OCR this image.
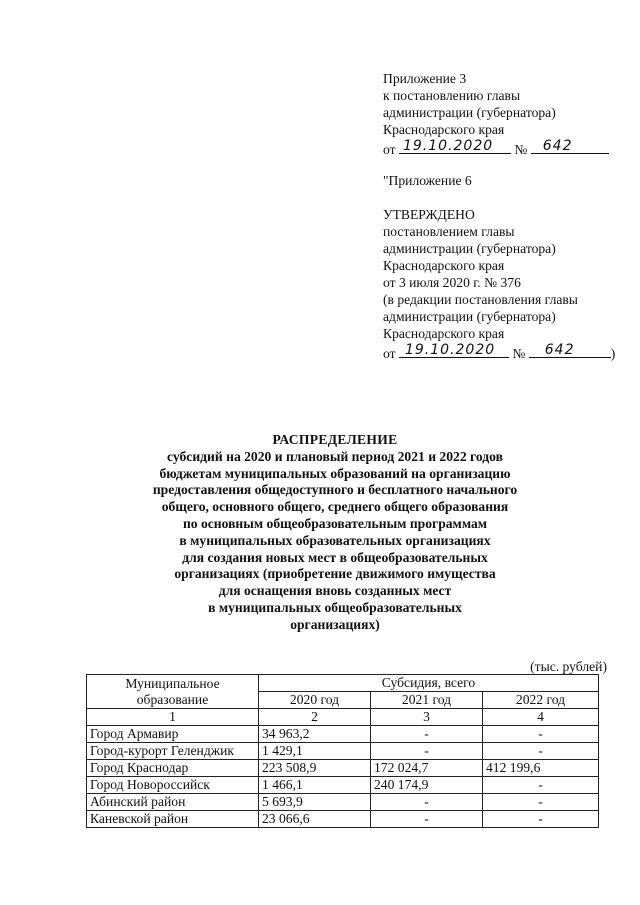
Приложение 3
к постановлению главы
администрации (губернатора)
Краснодарского края
от 19.10.2020 № 642
"Приложение 6
УТВЕРЖДЕНО
постановлением главы
администрации (губернатора)
Краснодарского края
от 3 июля 2020 г. № 376
(в редакции постановления главы
администрации (губернатора)
Краснодарского края
от 19.10.2020 № 642	)
РАСПРЕДЕЛЕНИЕ
субсидий на 2020 и плановый период 2021 и 2022 годов
бюджетам муниципальных образований на организацию
предоставления общедоступного и бесплатного начального
общего, основного общего, среднего общего образования
по основным общеобразовательным программам
в муниципальных образовательных организациях
для создания новых мест в общеобразовательных
организациях (приобретение движимого имущества
для оснащения вновь созданных мест
в муниципальных общеобразовательных
организациях)
(тыс. рублей)
Муниципальное образование	Субсидия, всего		
	2020 год	2021 год	2022 год
1	2	3	4
Город Армавир	34 963,2	-	-
Город-курорт Геленджик	1 429,1	-	-
Город Краснодар	223 508,9	172 024,7	412 199,6
Город Новороссийск	1 466,1	240 174,9	-
Абинский район	5 693,9	-	-
Каневской район	23 066,6	-	-
